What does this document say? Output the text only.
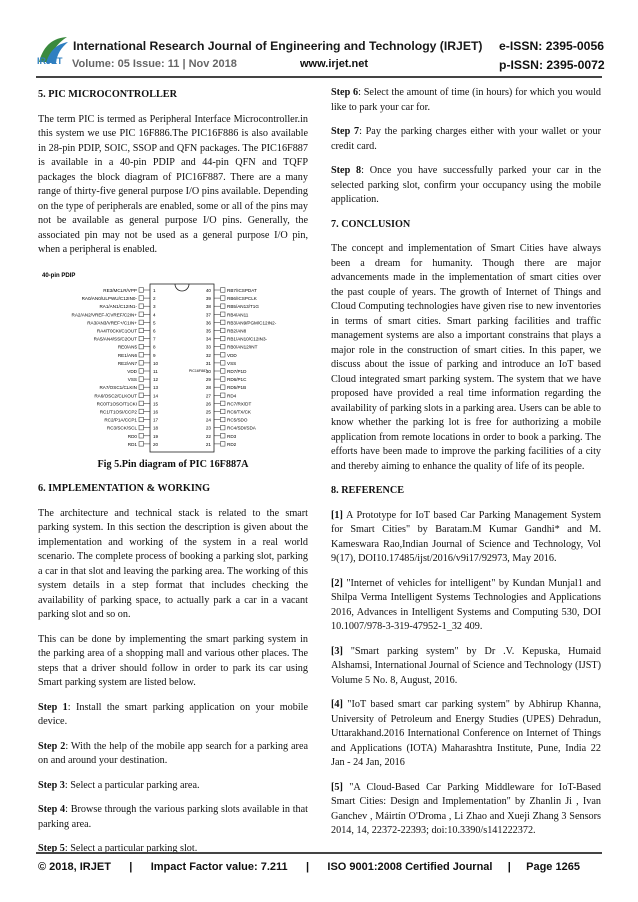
International Research Journal of Engineering and Technology (IRJET) e-ISSN: 2395-0056
IRJET Volume: 05 Issue: 11 | Nov 2018	www.irjet.net	p-ISSN: 2395-0072
5. PIC MICROCONTROLLER

The term PIC is termed as Peripheral Interface Microcontroller.in this system we use PIC 16F886.The PIC16F886 is also available in 28-pin PDIP, SOIC, SSOP and QFN packages. The PIC16F887 is available in a 40-pin PDIP and 44-pin QFN and TQFP packages the block diagram of PIC16F887. There are a many range of thirty-five general purpose I/O pins available. Depending on the type of peripherals are enabled, some or all of the pins may not be available as general purpose I/O pins. Generally, the associated pin may not be used as a general purpose I/O pin, when a peripheral is enabled.

40-pin PDIP
PIC16F887
RE3/MCLR/VPP	1
RA0/AN0/ULPWU/C12IN0-	2
RA1/AN1/C12IN1-	3
RA2/AN2/VREF-/CVREF/C2IN+	4
RA3/AN3/VREF+/C1IN+	5
RA4/T0CKI/C1OUT	6
RA5/AN4/SS/C2OUT	7
RE0/AN5	8
RE1/AN6	9
RE2/AN7	10
VDD	11
VSS	12
RA7/OSC1/CLKIN	13
RA6/OSC2/CLKOUT	14
RC0/T1OSO/T1CKI	15
RC1/T1OSI/CCP2	16
RC2/P1A/CCP1	17
RC3/SCK/SCL	18
RD0	19
RD1	20
40	RB7/ICSPDAT
39	RB6/ICSPCLK
38	RB5/AN13/T1G
37	RB4/AN11
36	RB3/AN9/PGM/C12IN2-
35	RB2/AN8
34	RB1/AN10/C12IN3-
33	RB0/AN12/INT
32	VDD
31	VSS
30	RD7/P1D
29	RD6/P1C
28	RD5/P1B
27	RD4
26	RC7/RX/DT
25	RC6/TX/CK
24	RC5/SDO
23	RC4/SDI/SDA
22	RD3
21	RD2
Fig 5.Pin diagram of PIC 16F887A
6. IMPLEMENTATION & WORKING

The architecture and technical stack is related to the smart parking system. In this section the description is given about the implementation and working of the system in a real world scenario. The complete process of booking a parking slot, parking a car in that slot and leaving the parking area. The working of this system details in a step format that includes checking the availability of parking space, to actually park a car in a vacant parking slot and so on.

This can be done by implementing the smart parking system in the parking area of a shopping mall and various other places. The steps that a driver should follow in order to park its car using Smart parking system are listed below.

Step 1: Install the smart parking application on your mobile device.

Step 2: With the help of the mobile app search for a parking area on and around your destination.

Step 3: Select a particular parking area.

Step 4: Browse through the various parking slots available in that parking area.

Step 5: Select a particular parking slot.

Step 6: Select the amount of time (in hours) for which you would like to park your car for.

Step 7: Pay the parking charges either with your wallet or your credit card.

Step 8: Once you have successfully parked your car in the selected parking slot, confirm your occupancy using the mobile application.

7. CONCLUSION

The concept and implementation of Smart Cities have always been a dream for humanity. Though there are major advancements made in the implementation of smart cities over the past couple of years. The growth of Internet of Things and Cloud Computing technologies have given rise to new inventories in terms of smart cities. Smart parking facilities and traffic management systems are also a important constrains that plays a major role in the construction of smart cities. In this paper, we discuss about the issue of parking and introduce an IoT based Cloud integrated smart parking system. The system that we have proposed have provided a real time information regarding the availability of parking slots in a parking area. Users can be able to know whether the parking lot is free for authorizing a mobile application from remote locations in order to book a parking. The efforts have been made to improve the parking facilities of a city and thereby aiming to enhance the quality of life of its people.

8. REFERENCE

[1] A Prototype for IoT based Car Parking Management System for Smart Cities" by Baratam.M Kumar Gandhi* and M. Kameswara Rao,Indian Journal of Science and Technology, Vol 9(17), DOI10.17485/ijst/2016/v9i17/92973, May 2016.

[2] "Internet of vehicles for intelligent" by Kundan Munjal1 and Shilpa Verma Intelligent Systems Technologies and Applications 2016, Advances in Intelligent Systems and Computing 530, DOI 10.1007/978-3-319-47952-1_32 409.

[3] "Smart parking system" by Dr .V. Kepuska, Humaid Alshamsi, International Journal of Science and Technology (IJST) Volume 5 No. 8, August, 2016.

[4] "IoT based smart car parking system" by Abhirup Khanna, University of Petroleum and Energy Studies (UPES) Dehradun, Uttarakhand.2016 International Conference on Internet of Things and Applications (IOTA) Maharashtra Institute, Pune, India 22 Jan - 24 Jan, 2016

[5] "A Cloud-Based Car Parking Middleware for IoT-Based Smart Cities: Design and Implementation" by Zhanlin Ji , Ivan Ganchev , Máirtín O'Droma , Li Zhao and Xueji Zhang 3 Sensors 2014, 14, 22372-22393; doi:10.3390/s141222372.

© 2018, IRJET | Impact Factor value: 7.211 | ISO 9001:2008 Certified Journal | Page 1265
